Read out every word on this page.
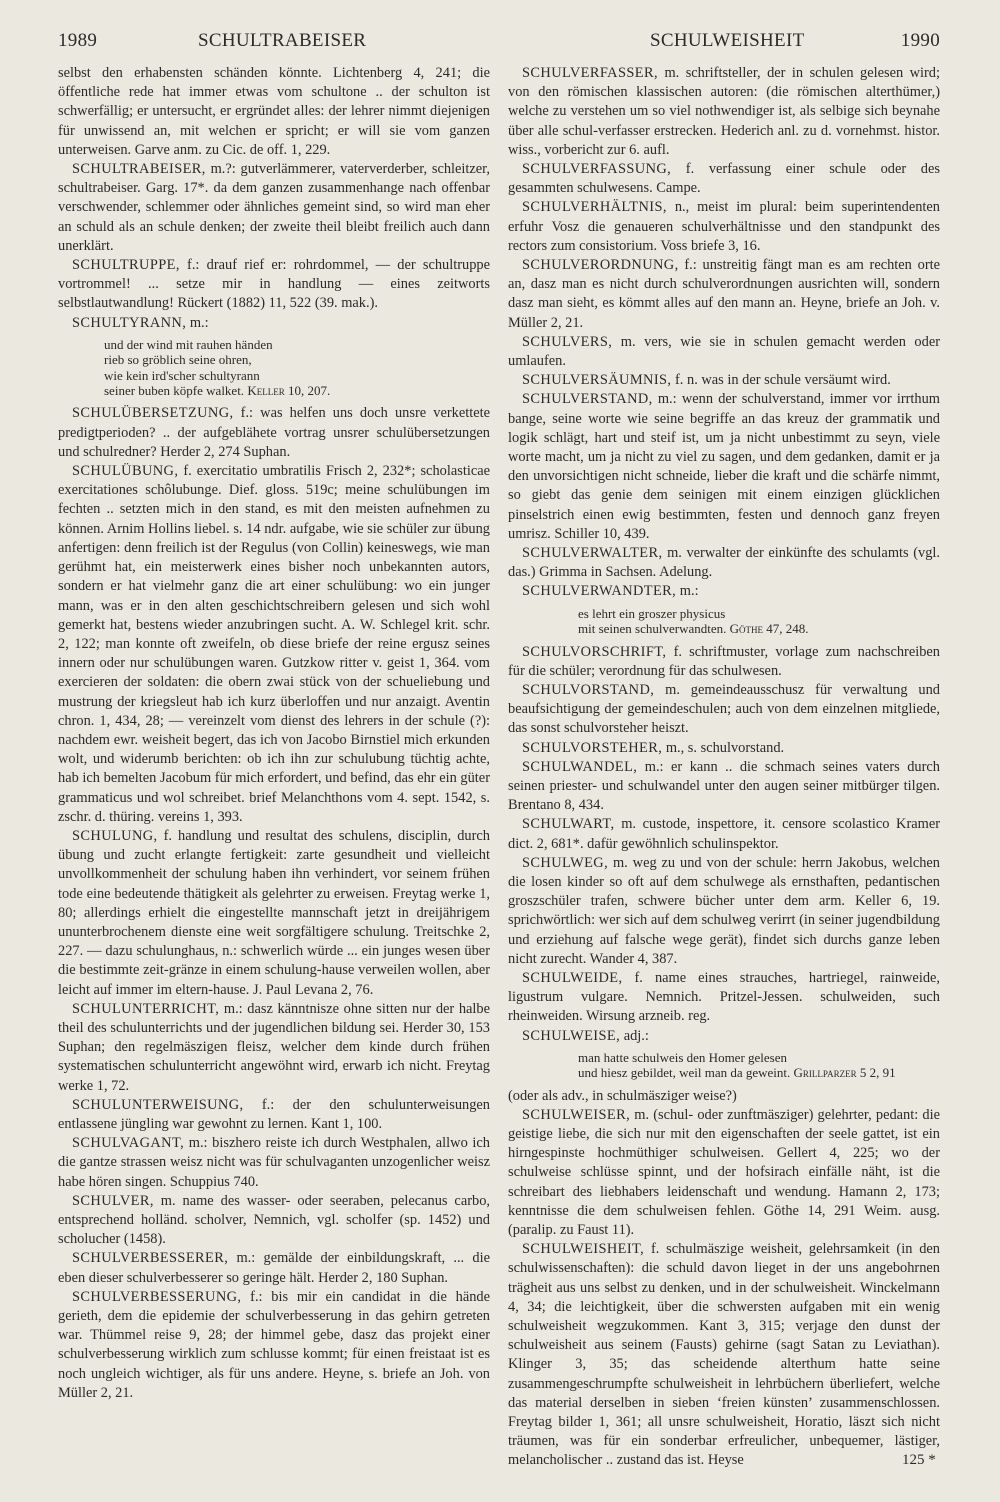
1989	SCHULTRABEISER	SCHULWEISHEIT	1990

selbst den erhabensten schänden könnte. Lichtenberg 4, 241; die öffentliche rede hat immer etwas vom schultone .. der schulton ist schwerfällig; er untersucht, er ergründet alles: der lehrer nimmt diejenigen für unwissend an, mit welchen er spricht; er will sie vom ganzen unterweisen. Garve anm. zu Cic. de off. 1, 229.

SCHULTRABEISER, m.?: gutverlämmerer, vaterverderber, schleitzer, schultrabeiser. Garg. 17*. da dem ganzen zusammenhange nach offenbar verschwender, schlemmer oder ähnliches gemeint sind, so wird man eher an schuld als an schule denken; der zweite theil bleibt freilich auch dann unerklärt.

SCHULTRUPPE, f.: drauf rief er: rohrdommel, — der schultruppe vortrommel! ... setze mir in handlung — eines zeitworts selbstlautwandlung! Rückert (1882) 11, 522 (39. mak.).

SCHULTYRANN, m.:

und der wind mit rauhen händen
rieb so gröblich seine ohren,
wie kein ird'scher schultyrann
seiner buben köpfe walket. Keller 10, 207.

SCHULÜBERSETZUNG, f.: was helfen uns doch unsre verkettete predigtperioden? .. der aufgeblähete vortrag unsrer schulübersetzungen und schulredner? Herder 2, 274 Suphan.

SCHULÜBUNG, f. exercitatio umbratilis Frisch 2, 232*; scholasticae exercitationes schôlubunge. Dief. gloss. 519c; meine schulübungen im fechten .. setzten mich in den stand, es mit den meisten aufnehmen zu können. Arnim Hollins liebel. s. 14 ndr. aufgabe, wie sie schüler zur übung anfertigen: denn freilich ist der Regulus (von Collin) keineswegs, wie man gerühmt hat, ein meisterwerk eines bisher noch unbekannten autors, sondern er hat vielmehr ganz die art einer schulübung: wo ein junger mann, was er in den alten geschichtschreibern gelesen und sich wohl gemerkt hat, bestens wieder anzubringen sucht. A. W. Schlegel krit. schr. 2, 122; man konnte oft zweifeln, ob diese briefe der reine ergusz seines innern oder nur schulübungen waren. Gutzkow ritter v. geist 1, 364. vom exercieren der soldaten: die obern zwai stück von der schueliebung und mustrung der kriegsleut hab ich kurz überloffen und nur anzaigt. Aventin chron. 1, 434, 28; — vereinzelt vom dienst des lehrers in der schule (?): nachdem ewr. weisheit begert, das ich von Jacobo Birnstiel mich erkunden wolt, und widerumb berichten: ob ich ihn zur schulubung tüchtig achte, hab ich bemelten Jacobum für mich erfordert, und befind, das ehr ein güter grammaticus und wol schreibet. brief Melanchthons vom 4. sept. 1542, s. zschr. d. thüring. vereins 1, 393.

SCHULUNG, f. handlung und resultat des schulens, disciplin, durch übung und zucht erlangte fertigkeit: zarte gesundheit und vielleicht unvollkommenheit der schulung haben ihn verhindert, vor seinem frühen tode eine bedeutende thätigkeit als gelehrter zu erweisen. Freytag werke 1, 80; allerdings erhielt die eingestellte mannschaft jetzt in dreijährigem ununterbrochenem dienste eine weit sorgfältigere schulung. Treitschke 2, 227. — dazu schulunghaus, n.: schwerlich würde ... ein junges wesen über die bestimmte zeit-gränze in einem schulung-hause verweilen wollen, aber leicht auf immer im eltern-hause. J. Paul Levana 2, 76.

SCHULUNTERRICHT, m.: dasz känntnisze ohne sitten nur der halbe theil des schulunterrichts und der jugendlichen bildung sei. Herder 30, 153 Suphan; den regelmäszigen fleisz, welcher dem kinde durch frühen systematischen schulunterricht angewöhnt wird, erwarb ich nicht. Freytag werke 1, 72.

SCHULUNTERWEISUNG, f.: der den schulunterweisungen entlassene jüngling war gewohnt zu lernen. Kant 1, 100.

SCHULVAGANT, m.: biszhero reiste ich durch Westphalen, allwo ich die gantze strassen weisz nicht was für schulvaganten unzogenlicher weisz habe hören singen. Schuppius 740.

SCHULVER, m. name des wasser- oder seeraben, pelecanus carbo, entsprechend holländ. scholver, Nemnich, vgl. scholfer (sp. 1452) und scholucher (1458).

SCHULVERBESSERER, m.: gemälde der einbildungskraft, ... die eben dieser schulverbesserer so geringe hält. Herder 2, 180 Suphan.

SCHULVERBESSERUNG, f.: bis mir ein candidat in die hände gerieth, dem die epidemie der schulverbesserung in das gehirn getreten war. Thümmel reise 9, 28; der himmel gebe, dasz das projekt einer schulverbesserung wirklich zum schlusse kommt; für einen freistaat ist es noch ungleich wichtiger, als für uns andere. Heyne, s. briefe an Joh. von Müller 2, 21.

SCHULVERFASSER, m. schriftsteller, der in schulen gelesen wird; von den römischen klassischen autoren: (die römischen alterthümer,) welche zu verstehen um so viel nothwendiger ist, als selbige sich beynahe über alle schul-verfasser erstrecken. Hederich anl. zu d. vornehmst. histor. wiss., vorbericht zur 6. aufl.

SCHULVERFASSUNG, f. verfassung einer schule oder des gesammten schulwesens. Campe.

SCHULVERHÄLTNIS, n., meist im plural: beim superintendenten erfuhr Vosz die genaueren schulverhältnisse und den standpunkt des rectors zum consistorium. Voss briefe 3, 16.

SCHULVERORDNUNG, f.: unstreitig fängt man es am rechten orte an, dasz man es nicht durch schulverordnungen ausrichten will, sondern dasz man sieht, es kömmt alles auf den mann an. Heyne, briefe an Joh. v. Müller 2, 21.

SCHULVERS, m. vers, wie sie in schulen gemacht werden oder umlaufen.

SCHULVERSÄUMNIS, f. n. was in der schule versäumt wird.

SCHULVERSTAND, m.: wenn der schulverstand, immer vor irrthum bange, seine worte wie seine begriffe an das kreuz der grammatik und logik schlägt, hart und steif ist, um ja nicht unbestimmt zu seyn, viele worte macht, um ja nicht zu viel zu sagen, und dem gedanken, damit er ja den unvorsichtigen nicht schneide, lieber die kraft und die schärfe nimmt, so giebt das genie dem seinigen mit einem einzigen glücklichen pinselstrich einen ewig bestimmten, festen und dennoch ganz freyen umrisz. Schiller 10, 439.

SCHULVERWALTER, m. verwalter der einkünfte des schulamts (vgl. das.) Grimma in Sachsen. Adelung.

SCHULVERWANDTER, m.:

es lehrt ein groszer physicus
mit seinen schulverwandten. Göthe 47, 248.

SCHULVORSCHRIFT, f. schriftmuster, vorlage zum nachschreiben für die schüler; verordnung für das schulwesen.

SCHULVORSTAND, m. gemeindeausschusz für verwaltung und beaufsichtigung der gemeindeschulen; auch von dem einzelnen mitgliede, das sonst schulvorsteher heiszt.

SCHULVORSTEHER, m., s. schulvorstand.

SCHULWANDEL, m.: er kann .. die schmach seines vaters durch seinen priester- und schulwandel unter den augen seiner mitbürger tilgen. Brentano 8, 434.

SCHULWART, m. custode, inspettore, it. censore scolastico Kramer dict. 2, 681*. dafür gewöhnlich schulinspektor.

SCHULWEG, m. weg zu und von der schule: herrn Jakobus, welchen die losen kinder so oft auf dem schulwege als ernsthaften, pedantischen groszschüler trafen, schwere bücher unter dem arm. Keller 6, 19. sprichwörtlich: wer sich auf dem schulweg verirrt (in seiner jugendbildung und erziehung auf falsche wege gerät), findet sich durchs ganze leben nicht zurecht. Wander 4, 387.

SCHULWEIDE, f. name eines strauches, hartriegel, rainweide, ligustrum vulgare. Nemnich. Pritzel-Jessen. schulweiden, such rheinweiden. Wirsung arzneib. reg.

SCHULWEISE, adj.:

man hatte schulweis den Homer gelesen
und hiesz gebildet, weil man da geweint. Grillparzer 5 2, 91

(oder als adv., in schulmäsziger weise?)

SCHULWEISER, m. (schul- oder zunftmäsziger) gelehrter, pedant: die geistige liebe, die sich nur mit den eigenschaften der seele gattet, ist ein hirngespinste hochmüthiger schulweisen. Gellert 4, 225; wo der schulweise schlüsse spinnt, und der hofsirach einfälle näht, ist die schreibart des liebhabers leidenschaft und wendung. Hamann 2, 173; kenntnisse die dem schulweisen fehlen. Göthe 14, 291 Weim. ausg. (paralip. zu Faust 11).

SCHULWEISHEIT, f. schulmäszige weisheit, gelehrsamkeit (in den schulwissenschaften): die schuld davon lieget in der uns angebohrnen trägheit aus uns selbst zu denken, und in der schulweisheit. Winckelmann 4, 34; die leichtigkeit, über die schwersten aufgaben mit ein wenig schulweisheit wegzukommen. Kant 3, 315; verjage den dunst der schulweisheit aus seinem (Fausts) gehirne (sagt Satan zu Leviathan). Klinger 3, 35; das scheidende alterthum hatte seine zusammengeschrumpfte schulweisheit in lehrbüchern überliefert, welche das material derselben in sieben ‘freien künsten’ zusammenschlossen. Freytag bilder 1, 361; all unsre schulweisheit, Horatio, läszt sich nicht träumen, was für ein sonderbar erfreulicher, unbequemer, lästiger, melancholischer .. zustand das ist. Heyse	125 *
